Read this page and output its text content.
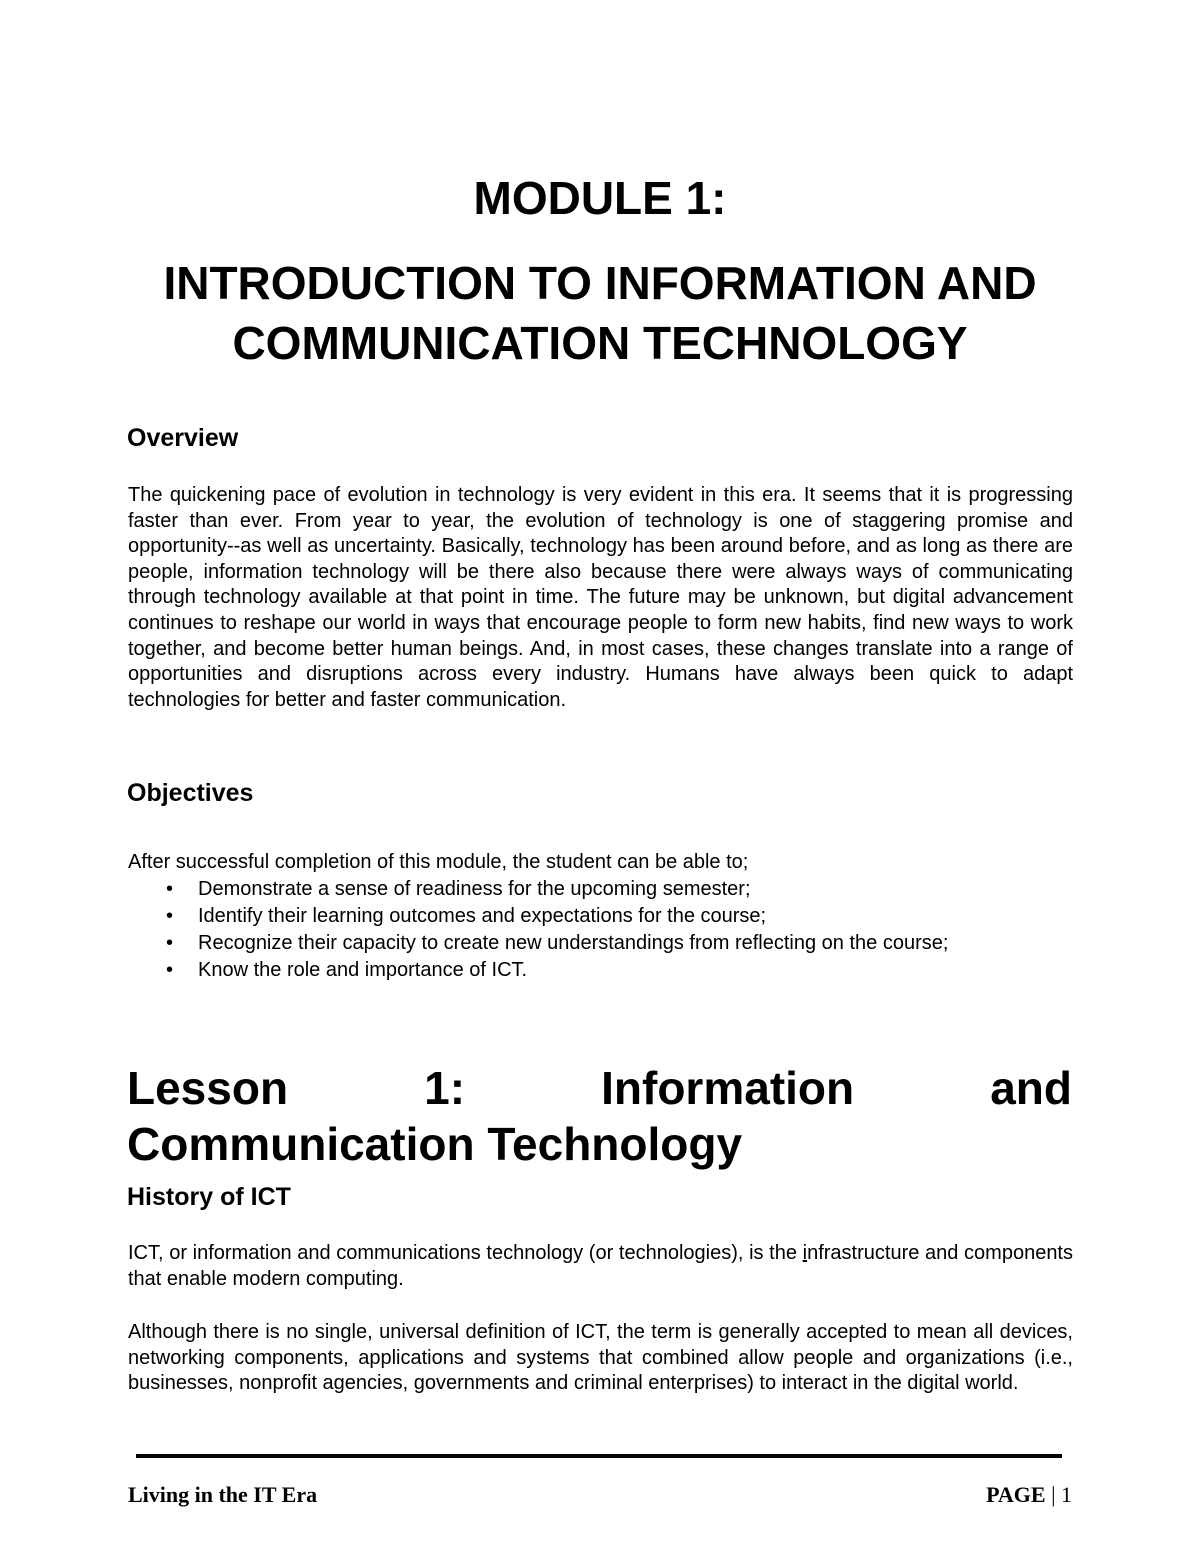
MODULE 1:
INTRODUCTION TO INFORMATION AND COMMUNICATION TECHNOLOGY
Overview
The quickening pace of evolution in technology is very evident in this era. It seems that it is progressing faster than ever. From year to year, the evolution of technology is one of staggering promise and opportunity--as well as uncertainty. Basically, technology has been around before, and as long as there are people, information technology will be there also because there were always ways of communicating through technology available at that point in time. The future may be unknown, but digital advancement continues to reshape our world in ways that encourage people to form new habits, find new ways to work together, and become better human beings. And, in most cases, these changes translate into a range of opportunities and disruptions across every industry. Humans have always been quick to adapt technologies for better and faster communication.
Objectives
After successful completion of this module, the student can be able to;
• Demonstrate a sense of readiness for the upcoming semester;
• Identify their learning outcomes and expectations for the course;
• Recognize their capacity to create new understandings from reflecting on the course;
• Know the role and importance of ICT.
Lesson	1:	Information	and
Communication Technology
History of ICT
ICT, or information and communications technology (or technologies), is the infrastructure and components that enable modern computing.
Although there is no single, universal definition of ICT, the term is generally accepted to mean all devices, networking components, applications and systems that combined allow people and organizations (i.e., businesses, nonprofit agencies, governments and criminal enterprises) to interact in the digital world.
Living in the IT Era	PAGE | 1
